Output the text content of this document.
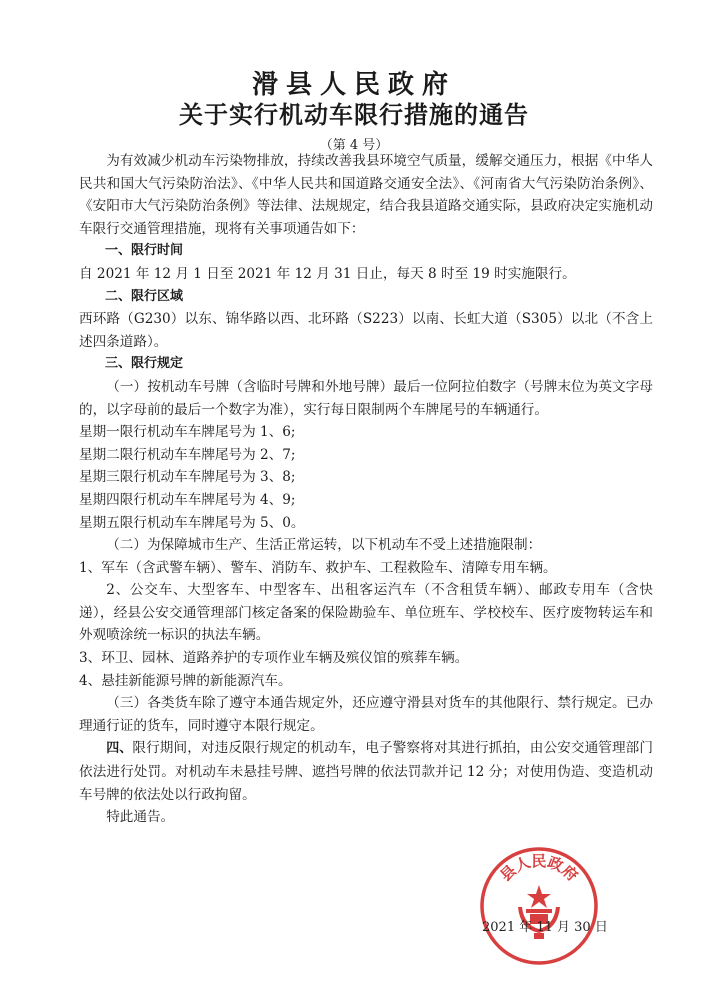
滑县人民政府
关于实行机动车限行措施的通告
（第 4 号）

为有效减少机动车污染物排放，持续改善我县环境空气质量，缓解交通压力，根据《中华人民共和国大气污染防治法》、《中华人民共和国道路交通安全法》、《河南省大气污染防治条例》、《安阳市大气污染防治条例》等法律、法规规定，结合我县道路交通实际，县政府决定实施机动车限行交通管理措施，现将有关事项通告如下：

一、限行时间

自 2021 年 12 月 1 日至 2021 年 12 月 31 日止，每天 8 时至 19 时实施限行。

二、限行区域

西环路（G230）以东、锦华路以西、北环路（S223）以南、长虹大道（S305）以北（不含上述四条道路）。

三、限行规定

（一）按机动车号牌（含临时号牌和外地号牌）最后一位阿拉伯数字（号牌末位为英文字母的，以字母前的最后一个数字为准），实行每日限制两个车牌尾号的车辆通行。

星期一限行机动车车牌尾号为 1、6;

星期二限行机动车车牌尾号为 2、7;

星期三限行机动车车牌尾号为 3、8;

星期四限行机动车车牌尾号为 4、9;

星期五限行机动车车牌尾号为 5、0。

（二）为保障城市生产、生活正常运转，以下机动车不受上述措施限制：

1、军车（含武警车辆）、警车、消防车、救护车、工程救险车、清障专用车辆。

2、公交车、大型客车、中型客车、出租客运汽车（不含租赁车辆）、邮政专用车（含快递），经县公安交通管理部门核定备案的保险勘验车、单位班车、学校校车、医疗废物转运车和外观喷涂统一标识的执法车辆。

3、环卫、园林、道路养护的专项作业车辆及殡仪馆的殡葬车辆。

4、悬挂新能源号牌的新能源汽车。

（三）各类货车除了遵守本通告规定外，还应遵守滑县对货车的其他限行、禁行规定。已办理通行证的货车，同时遵守本限行规定。

四、限行期间，对违反限行规定的机动车，电子警察将对其进行抓拍，由公安交通管理部门依法进行处罚。对机动车未悬挂号牌、遮挡号牌的依法罚款并记 12 分；对使用伪造、变造机动车号牌的依法处以行政拘留。

特此通告。

县人民政府
2021 年 11 月 30 日
